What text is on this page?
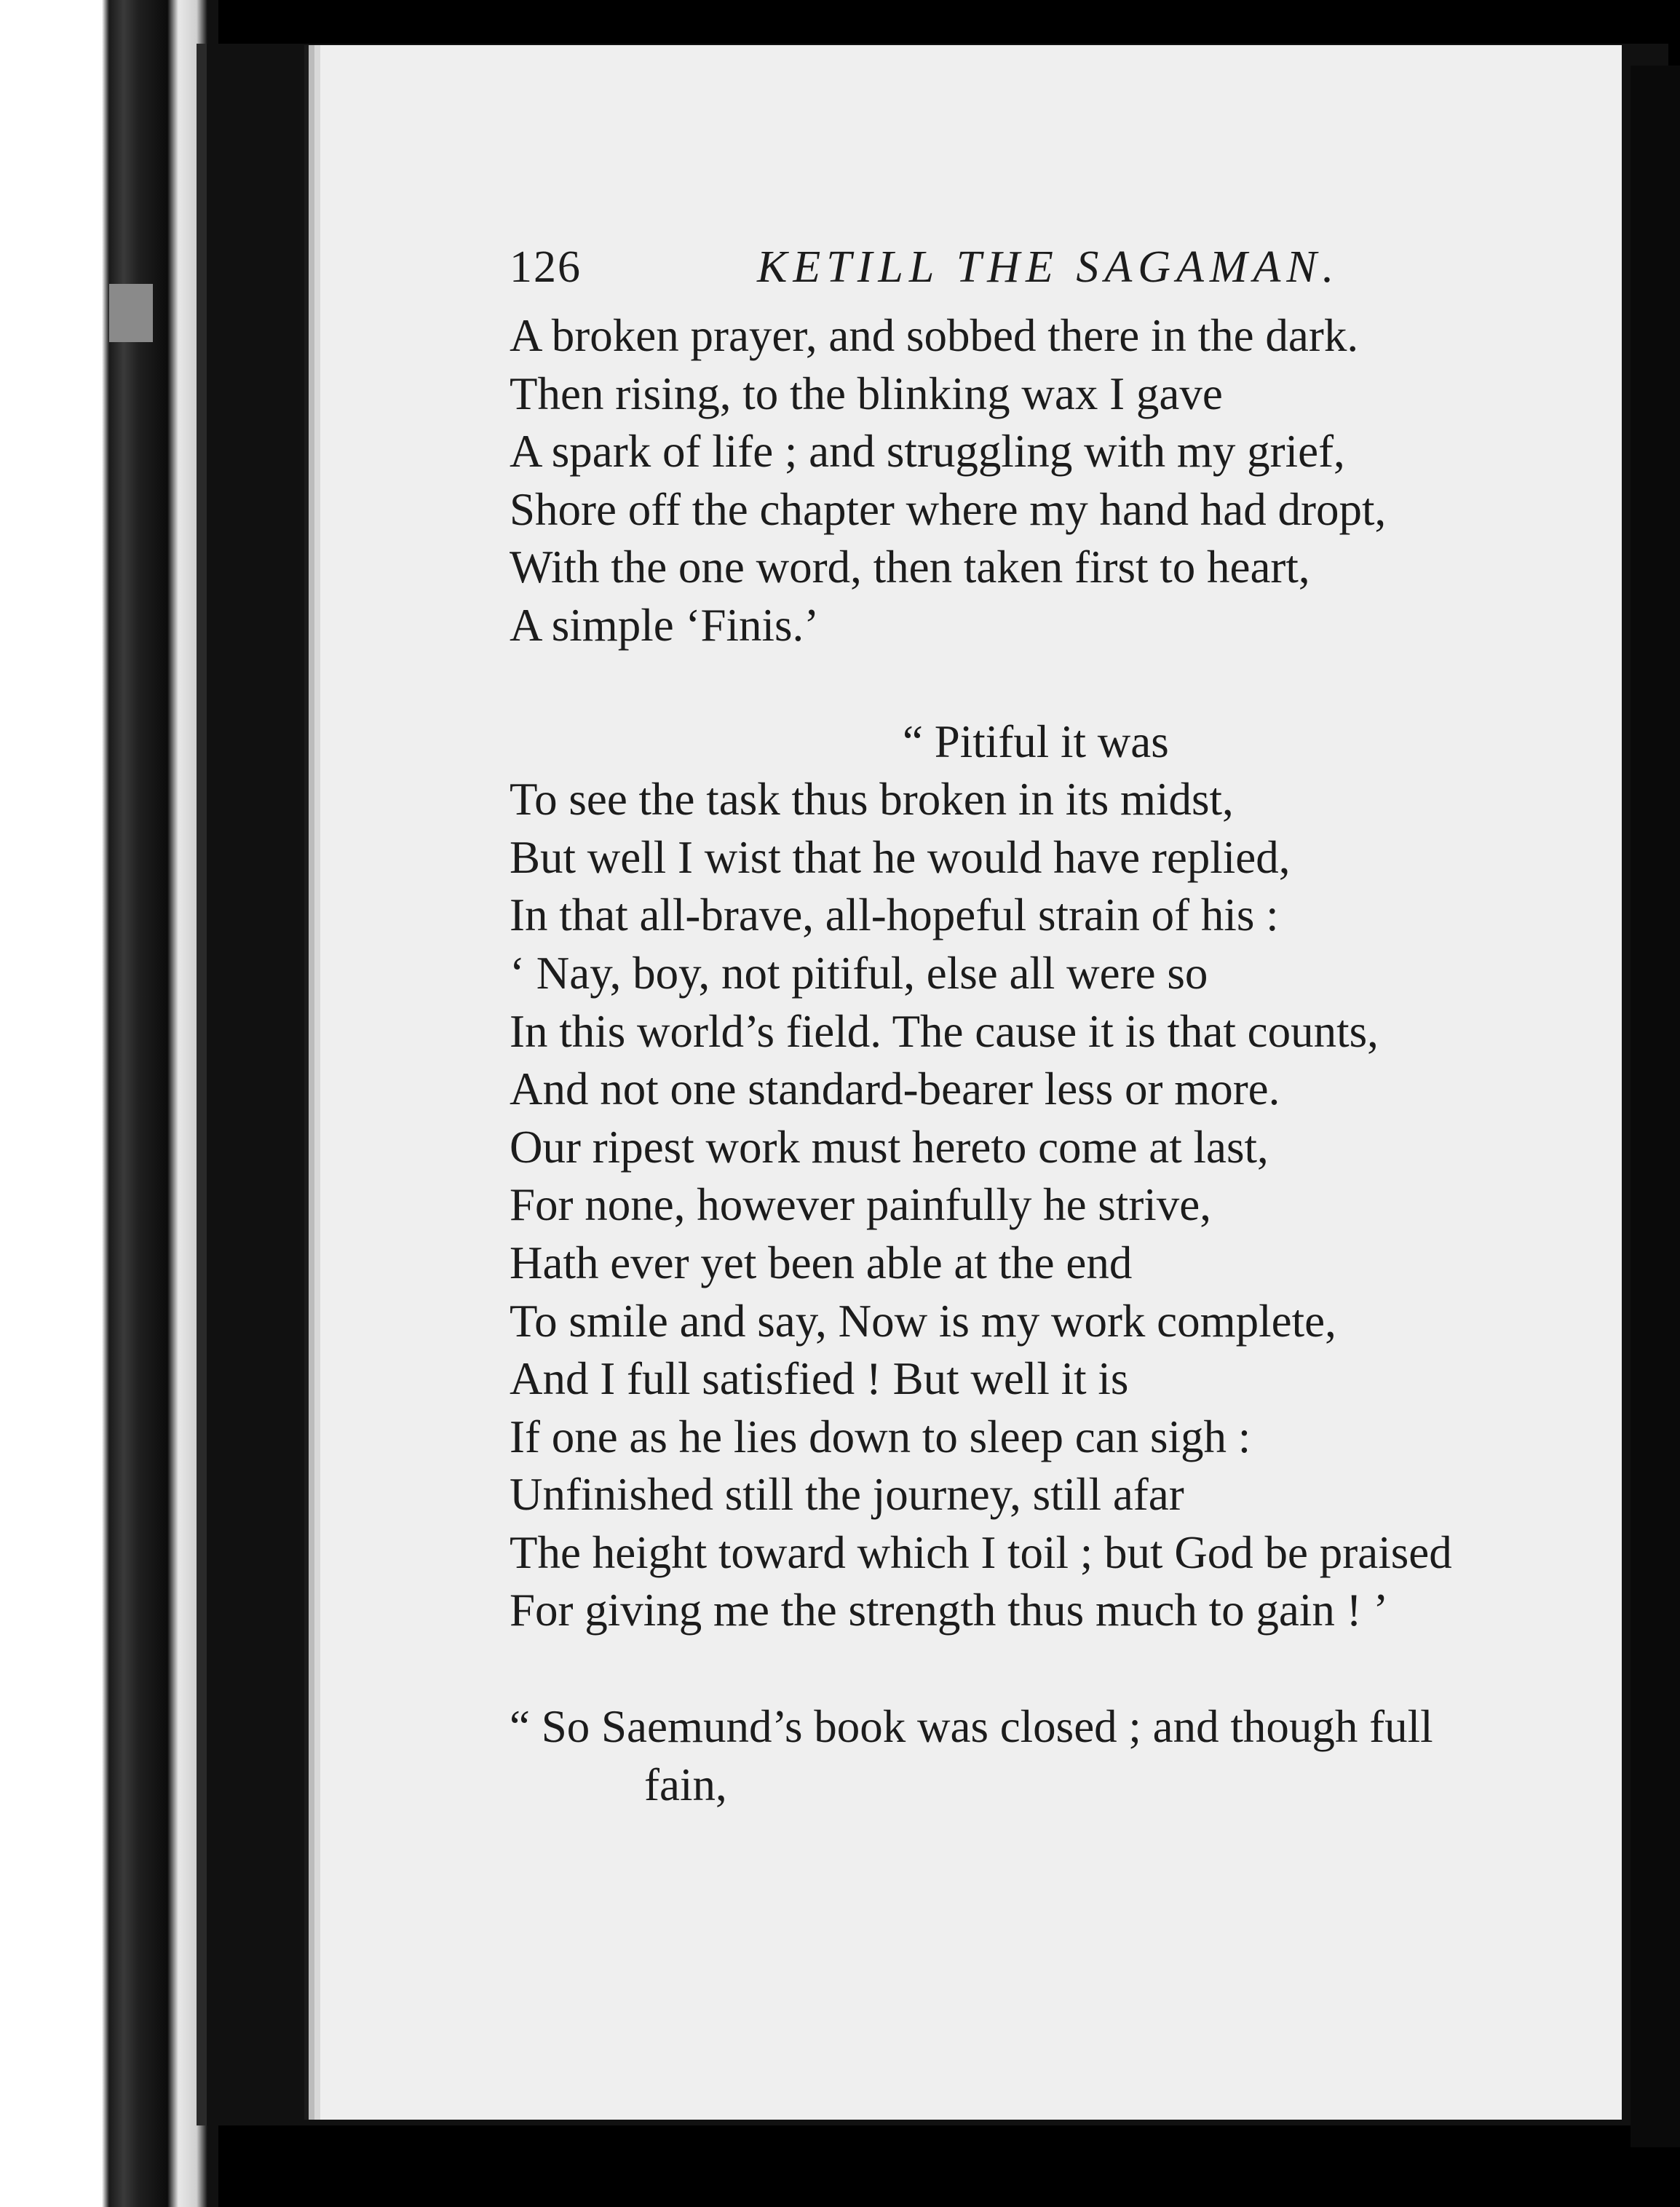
126	KETILL THE SAGAMAN.
A broken prayer, and sobbed there in the dark.
Then rising, to the blinking wax I gave
A spark of life ; and struggling with my grief,
Shore off the chapter where my hand had dropt,
With the one word, then taken first to heart,
A simple ‘Finis.’
“ Pitiful it was
To see the task thus broken in its midst,
But well I wist that he would have replied,
In that all-brave, all-hopeful strain of his :
‘ Nay, boy, not pitiful, else all were so
In this world’s field. The cause it is that counts,
And not one standard-bearer less or more.
Our ripest work must hereto come at last,
For none, however painfully he strive,
Hath ever yet been able at the end
To smile and say, Now is my work complete,
And I full satisfied ! But well it is
If one as he lies down to sleep can sigh :
Unfinished still the journey, still afar
The height toward which I toil ; but God be praised
For giving me the strength thus much to gain ! ’
“ So Saemund’s book was closed ; and though full
fain,
